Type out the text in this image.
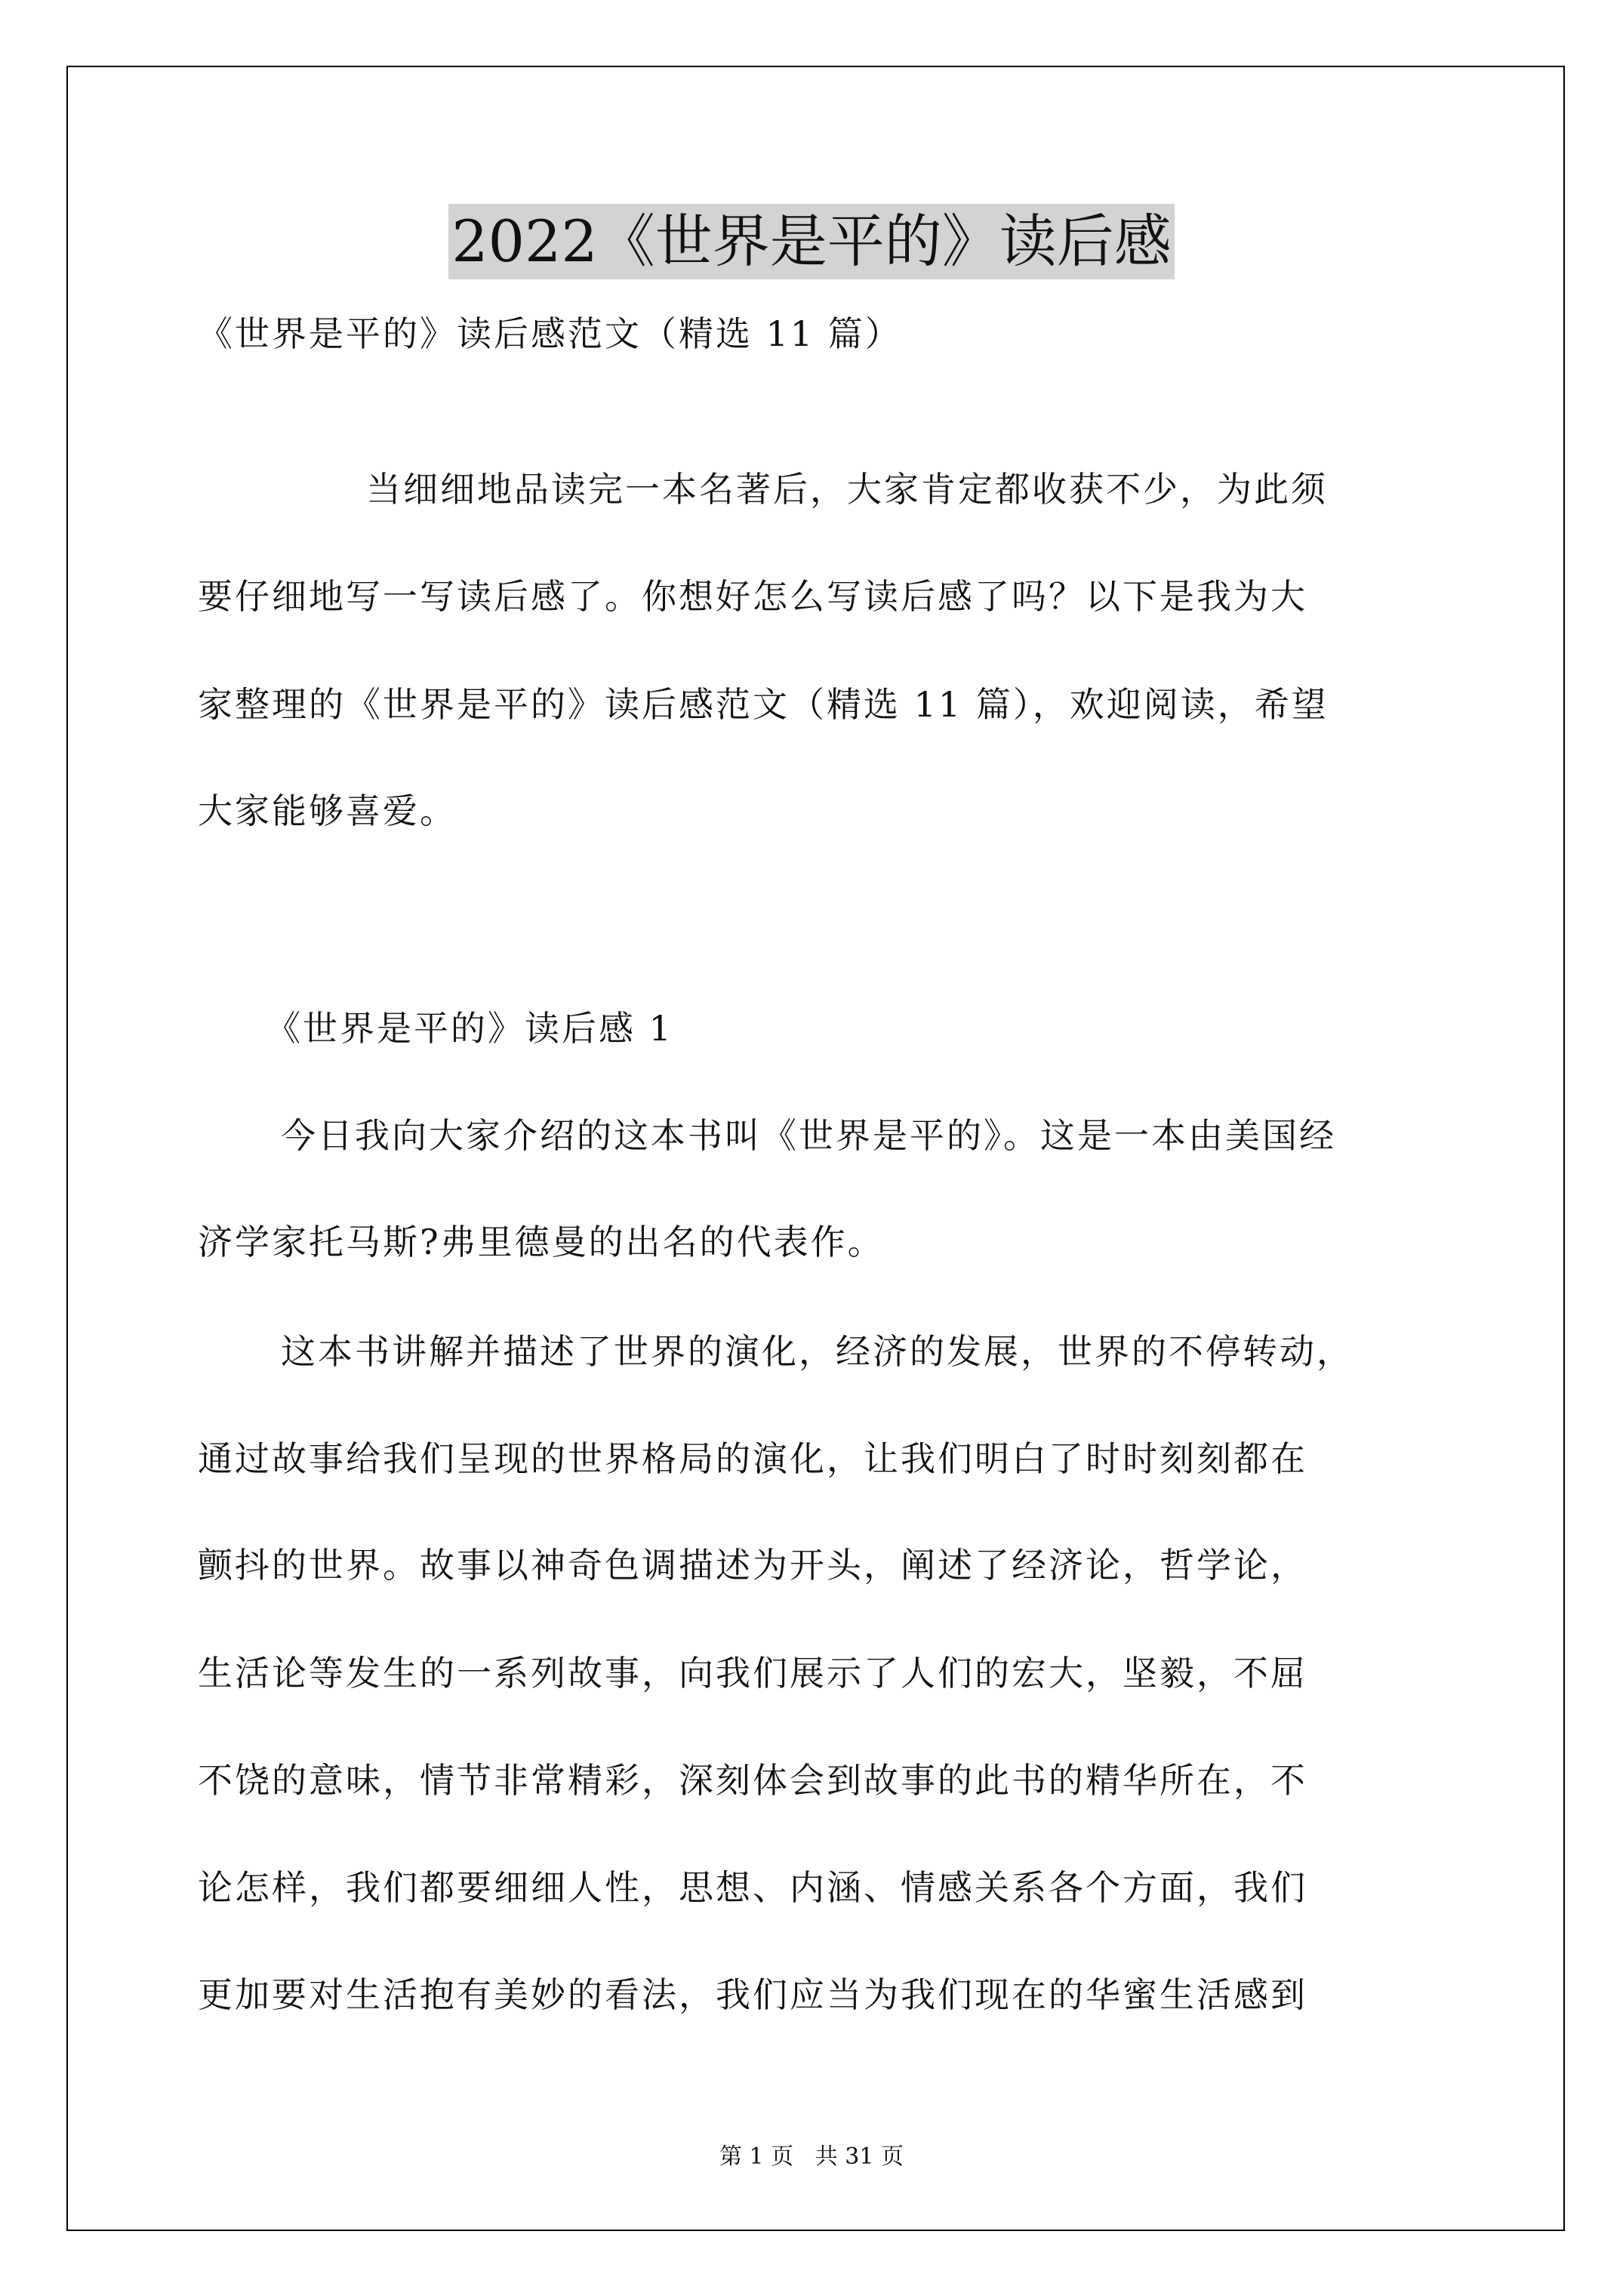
2022《世界是平的》读后感
《世界是平的》读后感范文（精选 11 篇）
当细细地品读完一本名著后，大家肯定都收获不少，为此须
要仔细地写一写读后感了。你想好怎么写读后感了吗？以下是我为大
家整理的《世界是平的》读后感范文（精选 11 篇），欢迎阅读，希望
大家能够喜爱。
《世界是平的》读后感 1
今日我向大家介绍的这本书叫《世界是平的》。这是一本由美国经
济学家托马斯?弗里德曼的出名的代表作。
这本书讲解并描述了世界的演化，经济的发展，世界的不停转动，
通过故事给我们呈现的世界格局的演化，让我们明白了时时刻刻都在
颤抖的世界。故事以神奇色调描述为开头，阐述了经济论，哲学论，
生活论等发生的一系列故事，向我们展示了人们的宏大，坚毅，不屈
不饶的意味，情节非常精彩，深刻体会到故事的此书的精华所在，不
论怎样，我们都要细细人性，思想、内涵、情感关系各个方面，我们
更加要对生活抱有美妙的看法，我们应当为我们现在的华蜜生活感到
第 1 页   共 31 页
